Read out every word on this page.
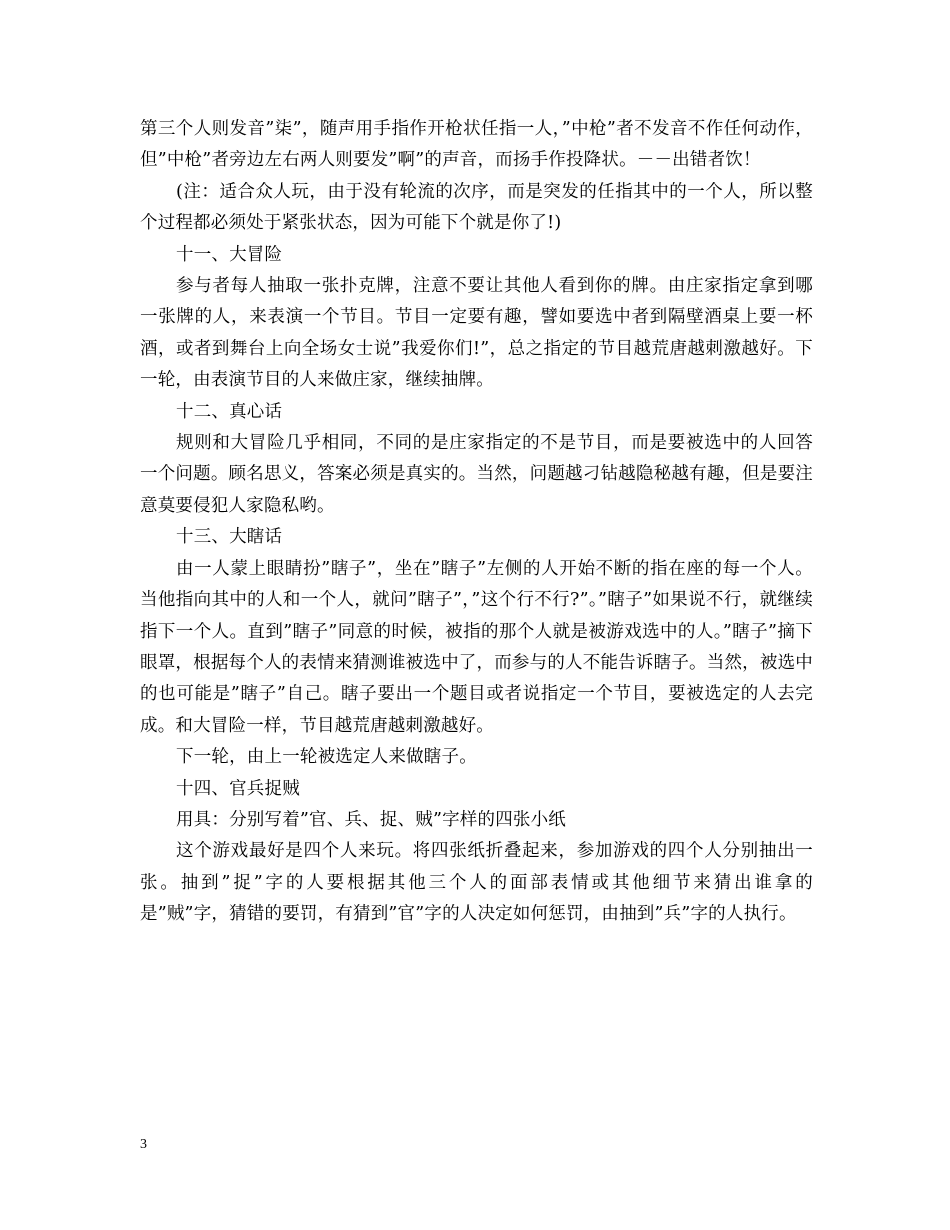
第三个人则发音”柒”，随声用手指作开枪状任指一人，”中枪”者不发音不作任何动作，但”中枪”者旁边左右两人则要发”啊”的声音，而扬手作投降状。－－出错者饮！

(注：适合众人玩，由于没有轮流的次序，而是突发的任指其中的一个人，所以整个过程都必须处于紧张状态，因为可能下个就是你了!)

十一、大冒险

参与者每人抽取一张扑克牌，注意不要让其他人看到你的牌。由庄家指定拿到哪一张牌的人，来表演一个节目。节目一定要有趣，譬如要选中者到隔壁酒桌上要一杯酒，或者到舞台上向全场女士说”我爱你们!”，总之指定的节目越荒唐越刺激越好。下一轮，由表演节目的人来做庄家，继续抽牌。

十二、真心话

规则和大冒险几乎相同，不同的是庄家指定的不是节目，而是要被选中的人回答一个问题。顾名思义，答案必须是真实的。当然，问题越刁钻越隐秘越有趣，但是要注意莫要侵犯人家隐私哟。

十三、大瞎话

由一人蒙上眼睛扮”瞎子”，坐在”瞎子”左侧的人开始不断的指在座的每一个人。当他指向其中的人和一个人，就问”瞎子”，”这个行不行?”。”瞎子”如果说不行，就继续指下一个人。直到”瞎子”同意的时候，被指的那个人就是被游戏选中的人。”瞎子”摘下眼罩，根据每个人的表情来猜测谁被选中了，而参与的人不能告诉瞎子。当然，被选中的也可能是”瞎子”自己。瞎子要出一个题目或者说指定一个节目，要被选定的人去完成。和大冒险一样，节目越荒唐越刺激越好。

下一轮，由上一轮被选定人来做瞎子。

十四、官兵捉贼

用具：分别写着”官、兵、捉、贼”字样的四张小纸

这个游戏最好是四个人来玩。将四张纸折叠起来，参加游戏的四个人分别抽出一张。抽到”捉”字的人要根据其他三个人的面部表情或其他细节来猜出谁拿的是”贼”字，猜错的要罚，有猜到”官”字的人决定如何惩罚，由抽到”兵”字的人执行。

3
